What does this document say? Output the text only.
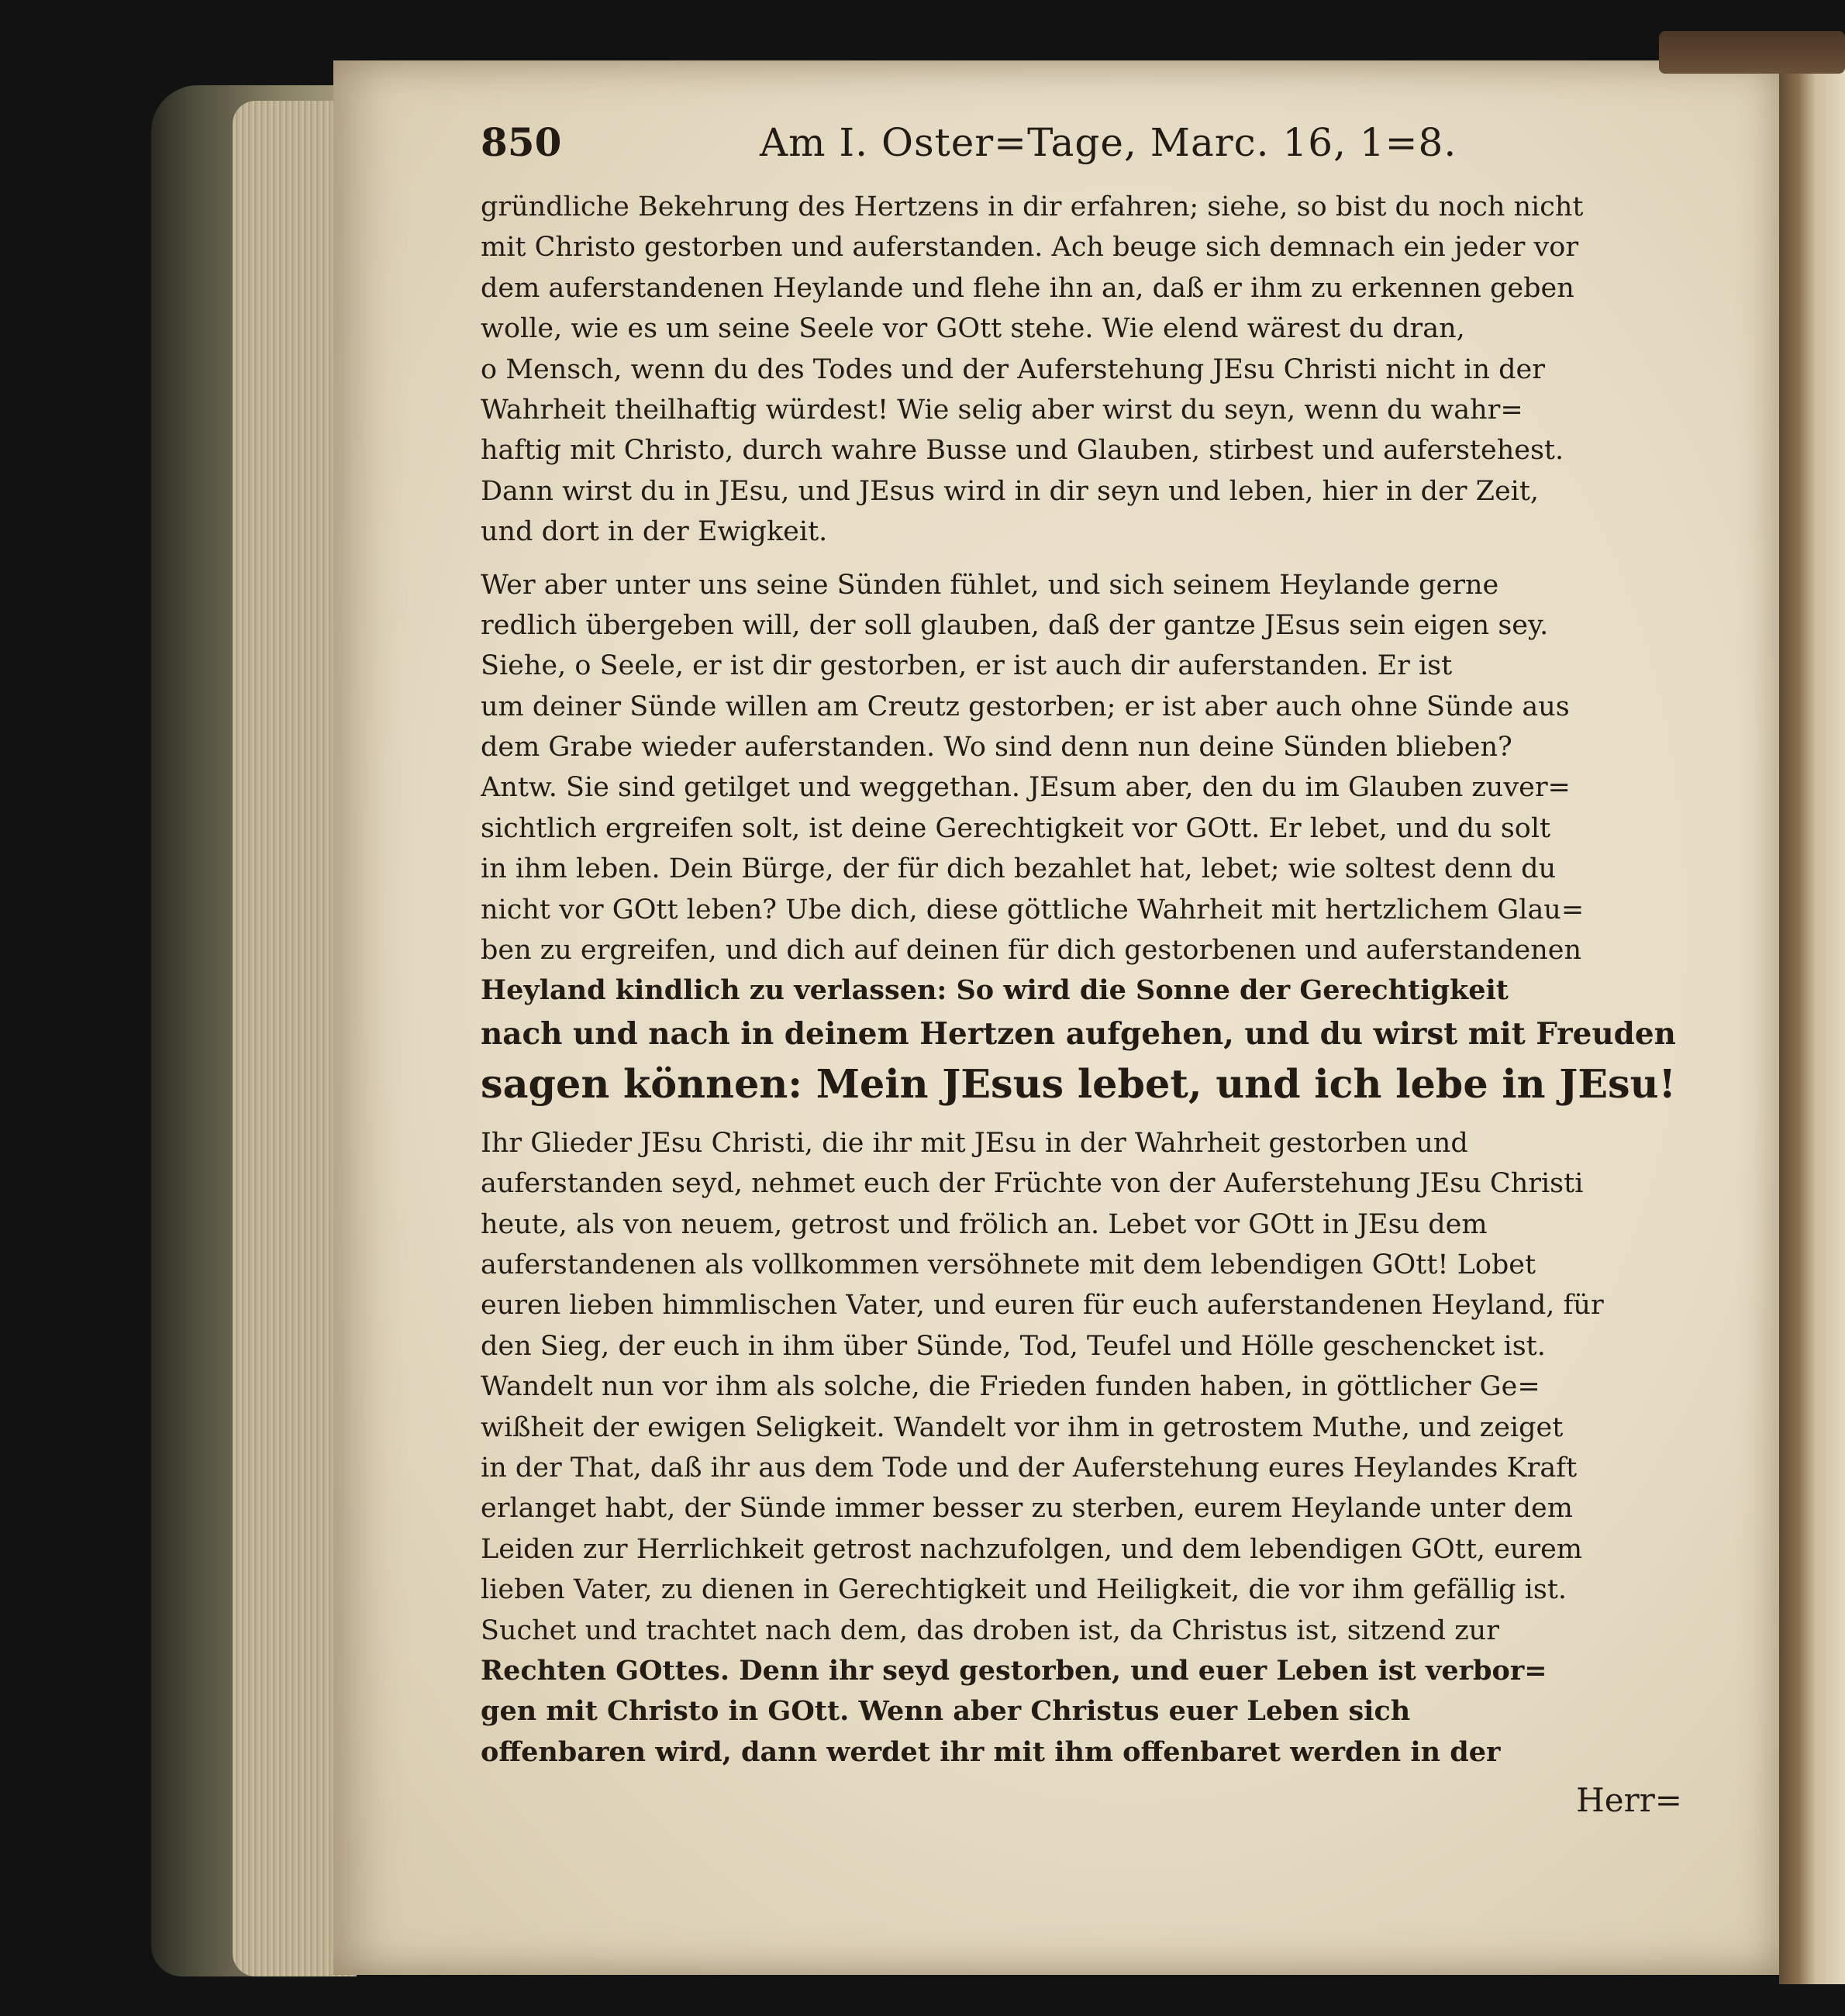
850	Am I. Oster=Tage, Marc. 16, 1=8.
gründliche Bekehrung des Hertzens in dir erfahren; siehe, so bist du noch nicht
mit Christo gestorben und auferstanden. Ach beuge sich demnach ein jeder vor
dem auferstandenen Heylande und flehe ihn an, daß er ihm zu erkennen geben
wolle, wie es um seine Seele vor GOtt stehe. Wie elend wärest du dran,
o Mensch, wenn du des Todes und der Auferstehung JEsu Christi nicht in der
Wahrheit theilhaftig würdest! Wie selig aber wirst du seyn, wenn du wahr=
haftig mit Christo, durch wahre Busse und Glauben, stirbest und auferstehest.
Dann wirst du in JEsu, und JEsus wird in dir seyn und leben, hier in der Zeit,
und dort in der Ewigkeit.
Wer aber unter uns seine Sünden fühlet, und sich seinem Heylande gerne
redlich übergeben will, der soll glauben, daß der gantze JEsus sein eigen sey.
Siehe, o Seele, er ist dir gestorben, er ist auch dir auferstanden. Er ist
um deiner Sünde willen am Creutz gestorben; er ist aber auch ohne Sünde aus
dem Grabe wieder auferstanden. Wo sind denn nun deine Sünden blieben?
Antw. Sie sind getilget und weggethan. JEsum aber, den du im Glauben zuver=
sichtlich ergreifen solt, ist deine Gerechtigkeit vor GOtt. Er lebet, und du solt
in ihm leben. Dein Bürge, der für dich bezahlet hat, lebet; wie soltest denn du
nicht vor GOtt leben? Ube dich, diese göttliche Wahrheit mit hertzlichem Glau=
ben zu ergreifen, und dich auf deinen für dich gestorbenen und auferstandenen
Heyland kindlich zu verlassen: So wird die Sonne der Gerechtigkeit
nach und nach in deinem Hertzen aufgehen, und du wirst mit Freuden
sagen können: Mein JEsus lebet, und ich lebe in JEsu!
Ihr Glieder JEsu Christi, die ihr mit JEsu in der Wahrheit gestorben und
auferstanden seyd, nehmet euch der Früchte von der Auferstehung JEsu Christi
heute, als von neuem, getrost und frölich an. Lebet vor GOtt in JEsu dem
auferstandenen als vollkommen versöhnete mit dem lebendigen GOtt! Lobet
euren lieben himmlischen Vater, und euren für euch auferstandenen Heyland, für
den Sieg, der euch in ihm über Sünde, Tod, Teufel und Hölle geschencket ist.
Wandelt nun vor ihm als solche, die Frieden funden haben, in göttlicher Ge=
wißheit der ewigen Seligkeit. Wandelt vor ihm in getrostem Muthe, und zeiget
in der That, daß ihr aus dem Tode und der Auferstehung eures Heylandes Kraft
erlanget habt, der Sünde immer besser zu sterben, eurem Heylande unter dem
Leiden zur Herrlichkeit getrost nachzufolgen, und dem lebendigen GOtt, eurem
lieben Vater, zu dienen in Gerechtigkeit und Heiligkeit, die vor ihm gefällig ist.
Suchet und trachtet nach dem, das droben ist, da Christus ist, sitzend zur
Rechten GOttes. Denn ihr seyd gestorben, und euer Leben ist verbor=
gen mit Christo in GOtt. Wenn aber Christus euer Leben sich
offenbaren wird, dann werdet ihr mit ihm offenbaret werden in der
Herr=
